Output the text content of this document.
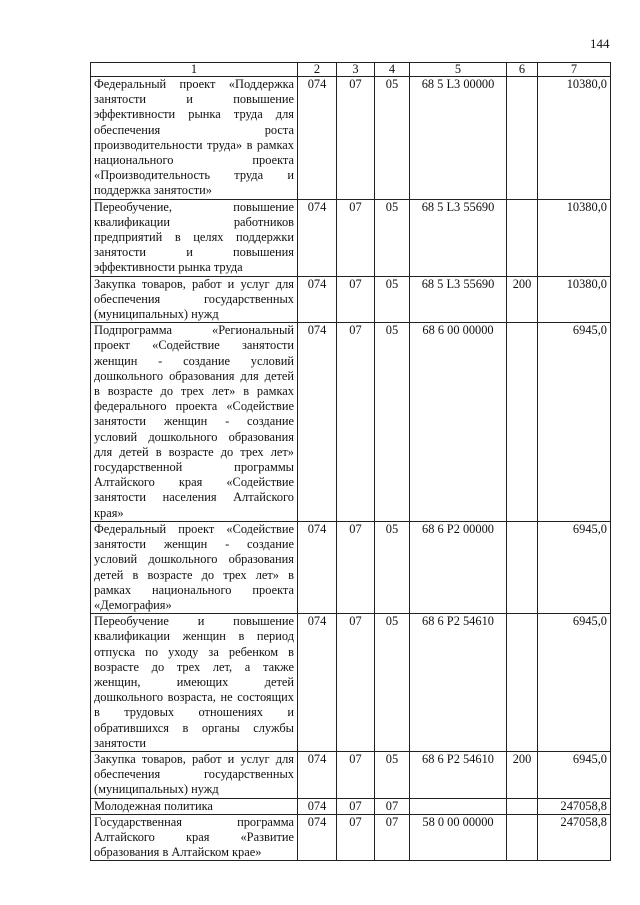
144
1	2	3	4	5	6	7
Федеральный проект «Поддержка занятости и повышение эффективности рынка труда для обеспечения роста производительности труда» в рамках национального проекта «Производительность труда и поддержка занятости»	074	07	05	68 5 L3 00000		10380,0
Переобучение, повышение квалификации работников предприятий в целях поддержки занятости и повышения эффективности рынка труда	074	07	05	68 5 L3 55690		10380,0
Закупка товаров, работ и услуг для обеспечения государственных (муниципальных) нужд	074	07	05	68 5 L3 55690	200	10380,0
Подпрограмма «Региональный проект «Содействие занятости женщин - создание условий дошкольного образования для детей в возрасте до трех лет» в рамках федерального проекта «Содействие занятости женщин - создание условий дошкольного образования для детей в возрасте до трех лет» государственной программы Алтайского края «Содействие занятости населения Алтайского края»	074	07	05	68 6 00 00000		6945,0
Федеральный проект «Содействие занятости женщин - создание условий дошкольного образования детей в возрасте до трех лет» в рамках национального проекта «Демография»	074	07	05	68 6 P2 00000		6945,0
Переобучение и повышение квалификации женщин в период отпуска по уходу за ребенком в возрасте до трех лет, а также женщин, имеющих детей дошкольного возраста, не состоящих в трудовых отношениях и обратившихся в органы службы занятости	074	07	05	68 6 P2 54610		6945,0
Закупка товаров, работ и услуг для обеспечения государственных (муниципальных) нужд	074	07	05	68 6 P2 54610	200	6945,0
Молодежная политика	074	07	07			247058,8
Государственная программа Алтайского края «Развитие образования в Алтайском крае»	074	07	07	58 0 00 00000		247058,8
